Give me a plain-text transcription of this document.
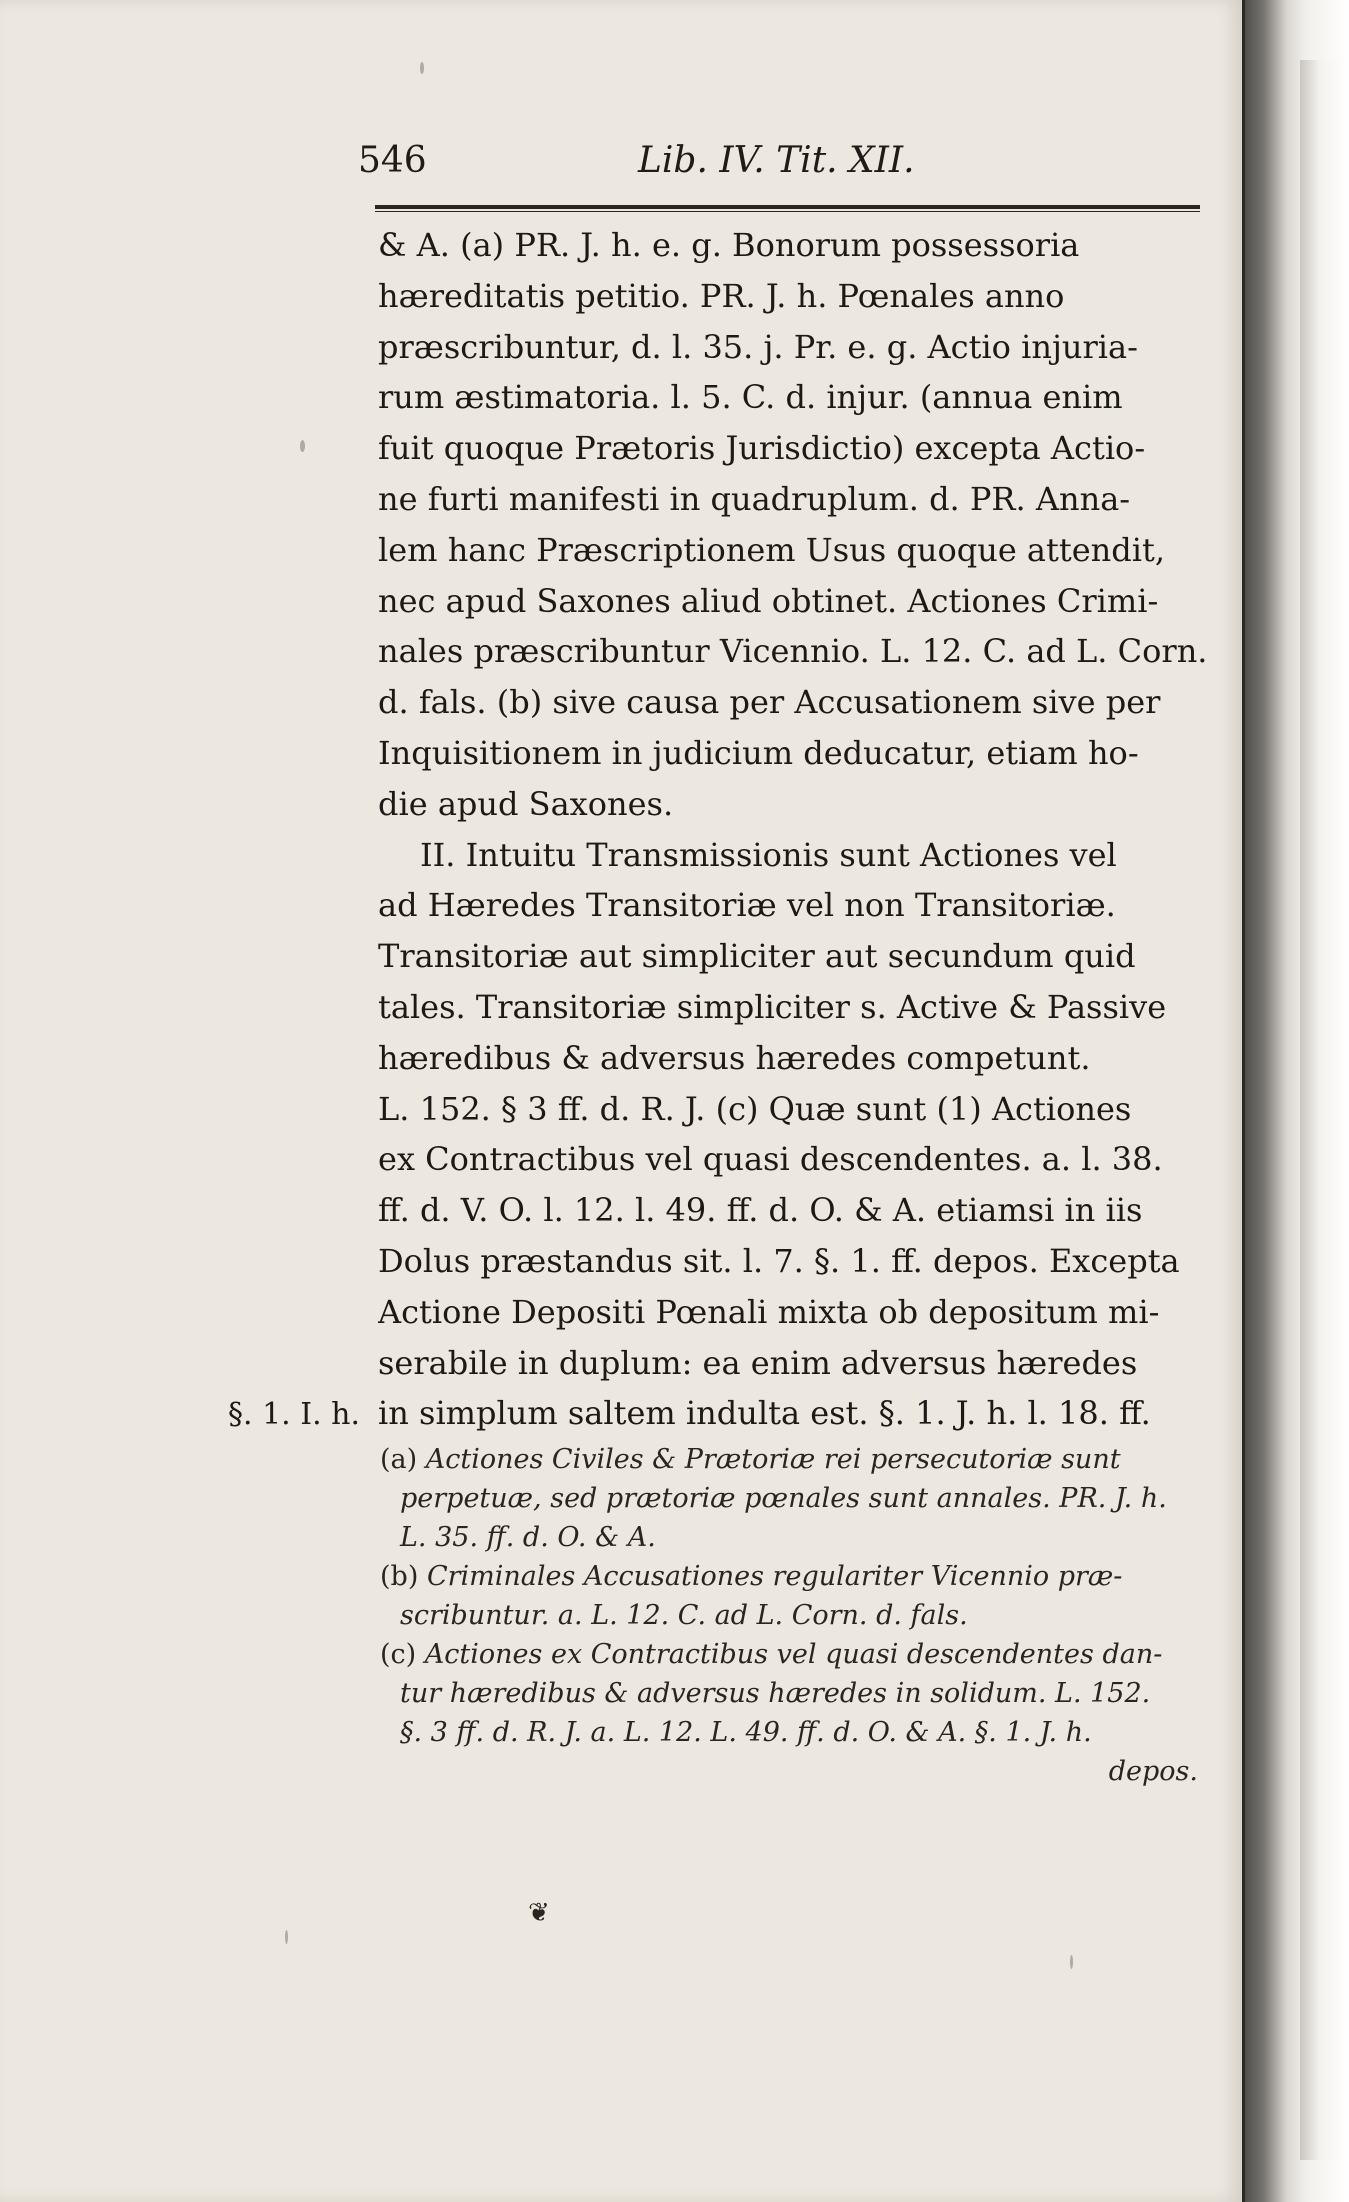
546	Lib. IV. Tit. XII.
& A. (a) PR. J. h. e. g. Bonorum possessoria
hæreditatis petitio. PR. J. h. Pœnales anno
præscribuntur, d. l. 35. j. Pr. e. g. Actio injuria-
rum æstimatoria. l. 5. C. d. injur. (annua enim
fuit quoque Prætoris Jurisdictio) excepta Actio-
ne furti manifesti in quadruplum. d. PR. Anna-
lem hanc Præscriptionem Usus quoque attendit,
nec apud Saxones aliud obtinet. Actiones Crimi-
nales præscribuntur Vicennio. L. 12. C. ad L. Corn.
d. fals. (b) sive causa per Accusationem sive per
Inquisitionem in judicium deducatur, etiam ho-
die apud Saxones.
II. Intuitu Transmissionis sunt Actiones vel
ad Hæredes Transitoriæ vel non Transitoriæ.
Transitoriæ aut simpliciter aut secundum quid
tales. Transitoriæ simpliciter s. Active & Passive
hæredibus & adversus hæredes competunt.
L. 152. § 3 ff. d. R. J. (c) Quæ sunt (1) Actiones
ex Contractibus vel quasi descendentes. a. l. 38.
ff. d. V. O. l. 12. l. 49. ff. d. O. & A. etiamsi in iis
Dolus præstandus sit. l. 7. §. 1. ff. depos. Excepta
Actione Depositi Pœnali mixta ob depositum mi-
serabile in duplum: ea enim adversus hæredes
in simplum saltem indulta est. §. 1. J. h. l. 18. ff.
§. 1. I. h.
(a) Actiones Civiles & Prætoriæ rei persecutoriæ sunt
perpetuæ, sed prætoriæ pœnales sunt annales. PR. J. h.
L. 35. ff. d. O. & A.
(b) Criminales Accusationes regulariter Vicennio præ-
scribuntur. a. L. 12. C. ad L. Corn. d. fals.
(c) Actiones ex Contractibus vel quasi descendentes dan-
tur hæredibus & adversus hæredes in solidum. L. 152.
§. 3 ff. d. R. J. a. L. 12. L. 49. ff. d. O. & A. §. 1. J. h.
depos.
❦
